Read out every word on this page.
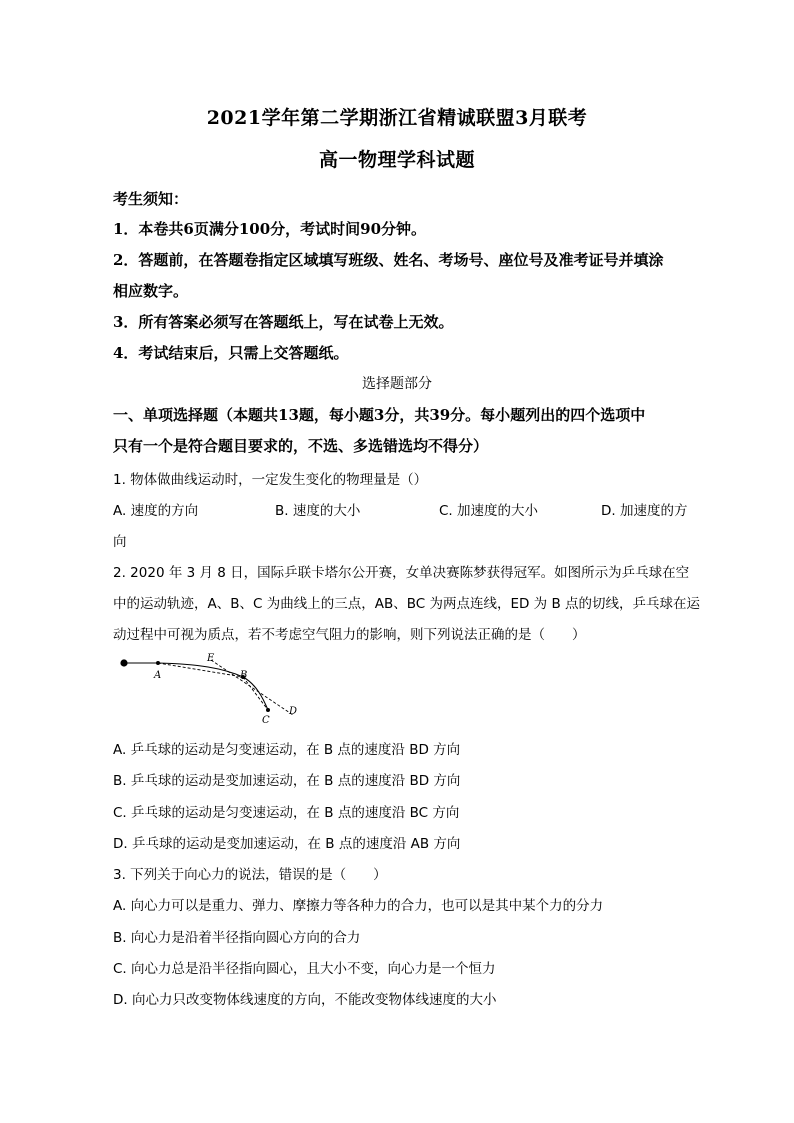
2021学年第二学期浙江省精诚联盟3月联考
高一物理学科试题
考生须知：
1．本卷共6页满分100分，考试时间90分钟。
2．答题前，在答题卷指定区域填写班级、姓名、考场号、座位号及准考证号并填涂
相应数字。
3．所有答案必须写在答题纸上，写在试卷上无效。
4．考试结束后，只需上交答题纸。
选择题部分
一、单项选择题（本题共13题，每小题3分，共39分。每小题列出的四个选项中
只有一个是符合题目要求的，不选、多选错选均不得分）
1. 物体做曲线运动时，一定发生变化的物理量是（）
A. 速度的方向	B. 速度的大小	C. 加速度的大小	D. 加速度的方
向
2. 2020 年 3 月 8 日，国际乒联卡塔尔公开赛，女单决赛陈梦获得冠军。如图所示为乒乓球在空
中的运动轨迹，A、B、C 为曲线上的三点，AB、BC 为两点连线，ED 为 B 点的切线，乒乓球在运
动过程中可视为质点，若不考虑空气阻力的影响，则下列说法正确的是（　　）
A	B
C
D
E
A. 乒乓球的运动是匀变速运动，在 B 点的速度沿 BD 方向
B. 乒乓球的运动是变加速运动，在 B 点的速度沿 BD 方向
C. 乒乓球的运动是匀变速运动，在 B 点的速度沿 BC 方向
D. 乒乓球的运动是变加速运动，在 B 点的速度沿 AB 方向
3. 下列关于向心力的说法，错误的是（　　）
A. 向心力可以是重力、弹力、摩擦力等各种力的合力，也可以是其中某个力的分力
B. 向心力是沿着半径指向圆心方向的合力
C. 向心力总是沿半径指向圆心，且大小不变，向心力是一个恒力
D. 向心力只改变物体线速度的方向，不能改变物体线速度的大小
